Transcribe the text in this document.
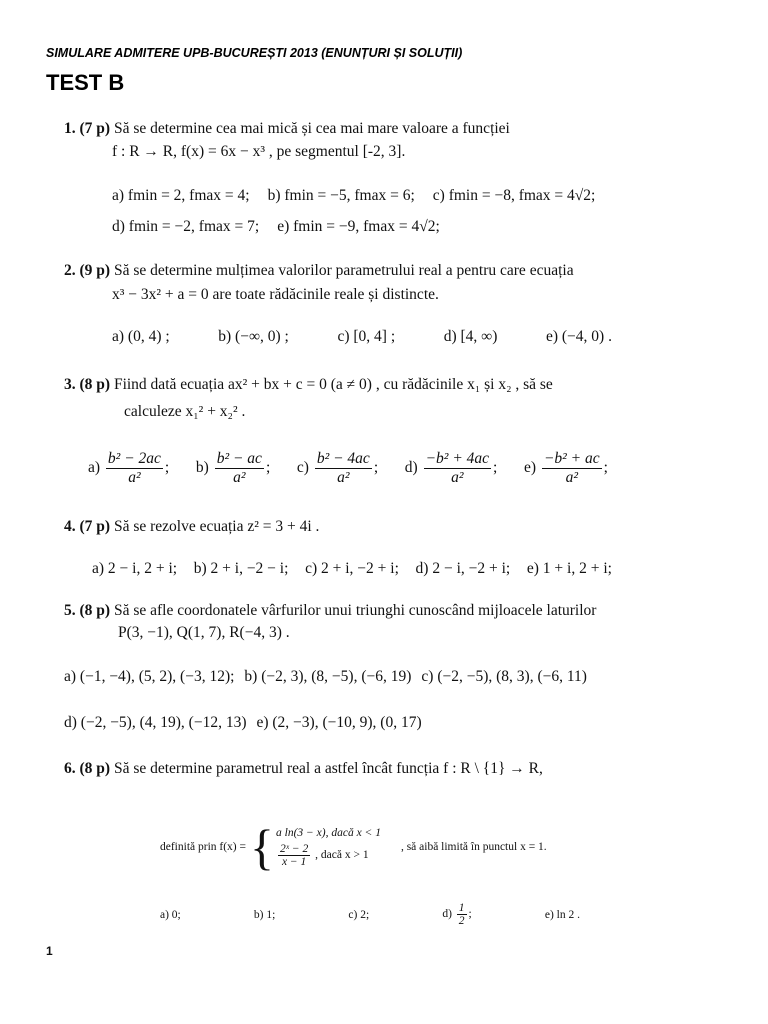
SIMULARE ADMITERE UPB-BUCUREȘTI 2013 (ENUNȚURI ȘI SOLUȚII)
TEST B
1. (7 p) Să se determine cea mai mică și cea mai mare valoare a funcției
f : R → R, f(x) = 6x − x³ , pe segmentul [-2, 3].
a) fmin = 2, fmax = 4; b) fmin = −5, fmax = 6; c) fmin = −8, fmax = 4√2;
d) fmin = −2, fmax = 7; e) fmin = −9, fmax = 4√2;
2. (9 p) Să se determine mulțimea valorilor parametrului real a pentru care ecuația
x³ − 3x² + a = 0 are toate rădăcinile reale și distincte.
a) (0, 4) ;	b) (−∞, 0) ;	c) [0, 4] ;	d) [4, ∞)	e) (−4, 0) .
3. (8 p) Fiind dată ecuația ax² + bx + c = 0 (a ≠ 0) , cu rădăcinile x₁ și x₂ , să se
calculeze x₁² + x₂² .
$a) \frac{\text{b² − 2ac}}{\text{a²}}$ ; $b) \frac{\text{b² − ac}}{\text{a²}}$ ; $c) \frac{\text{b² − 4ac}}{\text{a²}}$ ; $d) \frac{\text{−b² + 4ac}}{\text{a²}}$ ; $e) \frac{\text{−b² + ac}}{\text{a²}}$ ;
4. (7 p) Să se rezolve ecuația z² = 3 + 4i .
a) 2 − i, 2 + i; b) 2 + i, −2 − i; c) 2 + i, −2 + i; d) 2 − i, −2 + i; e) 1 + i, 2 + i;
5. (8 p) Să se afle coordonatele vârfurilor unui triunghi cunoscând mijloacele laturilor
P(3, −1), Q(1, 7), R(−4, 3) .
a) (−1, −4), (5, 2), (−3, 12); b) (−2, 3), (8, −5), (−6, 19) c) (−2, −5), (8, 3), (−6, 11)
d) (−2, −5), (4, 19), (−12, 13) e) (2, −3), (−10, 9), (0, 17)
6. (8 p) Să se determine parametrul real a astfel încât funcția f : R \ {1} → R,
definită prin f(x) = { a ln(3 − x), dacă x < 1
$\frac{\text{2ˣ − 2}}{x - 1}$ , dacă x > 1
, să aibă limită în punctul x = 1.
a) 0;	b) 1;	c) 2;	$d) \frac{1}{2}$ ;	e) ln 2 .
1
